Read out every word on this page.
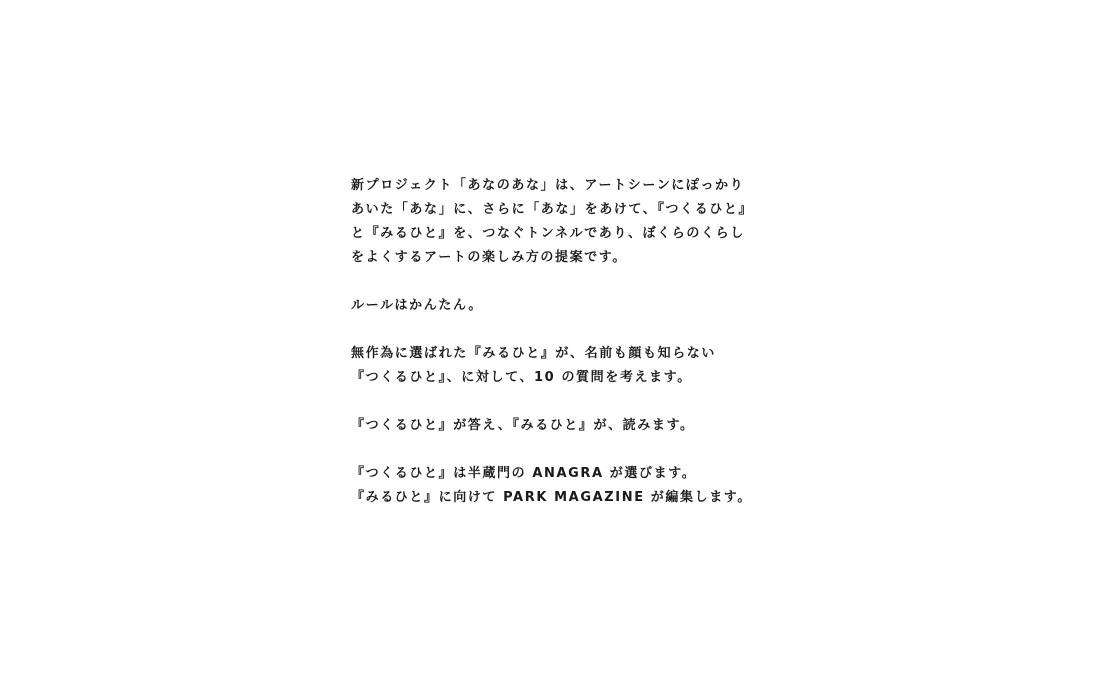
新プロジェクト「あなのあな」は、アートシーンにぽっかり
あいた「あな」に、さらに「あな」をあけて、『つくるひと』
と『みるひと』を、つなぐトンネルであり、ぼくらのくらし
をよくするアートの楽しみ方の提案です。

ルールはかんたん。

無作為に選ばれた『みるひと』が、名前も顔も知らない
『つくるひと』、に対して、10 の質問を考えます。

『つくるひと』が答え、『みるひと』が、読みます。

『つくるひと』は半蔵門の ANAGRA が選びます。
『みるひと』に向けて PARK MAGAZINE が編集します。
